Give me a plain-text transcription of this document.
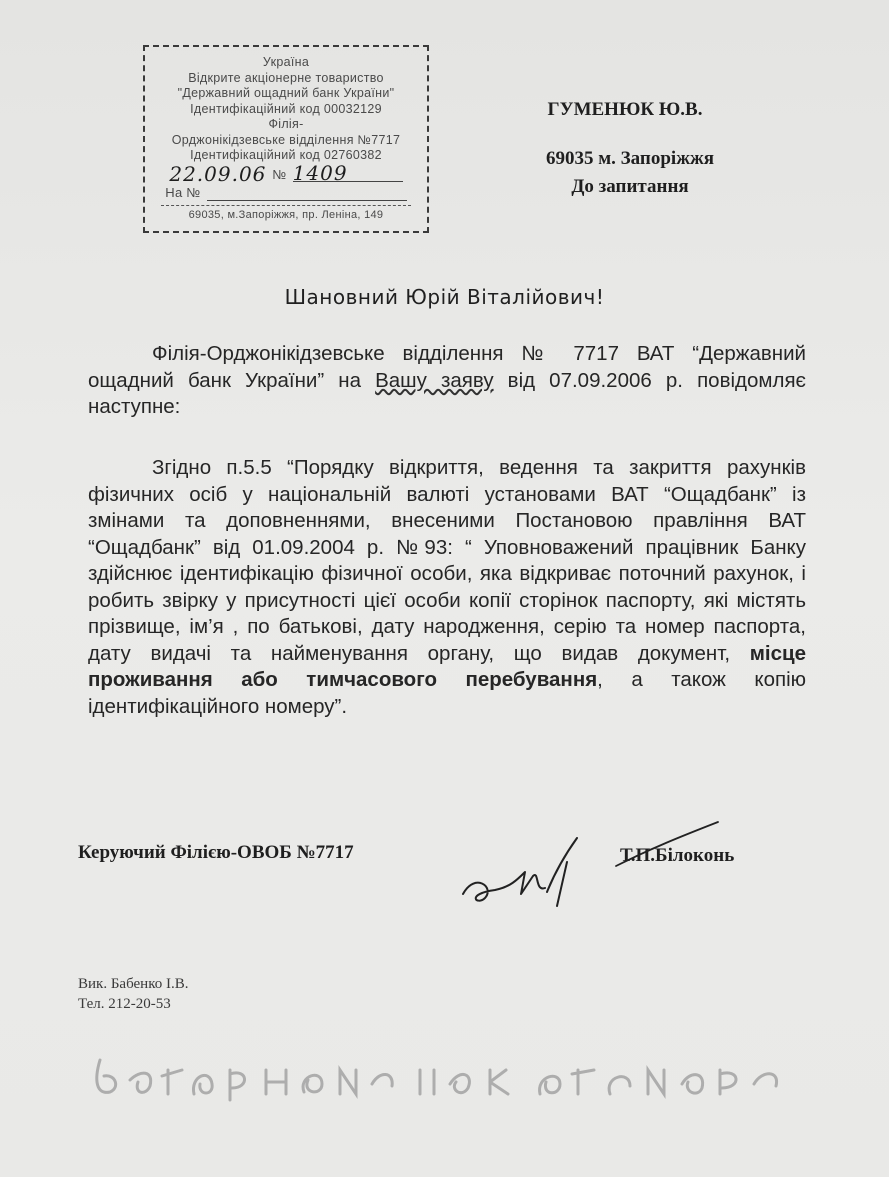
Україна
Відкрите акціонерне товариство
"Державний ощадний банк України"
Ідентифікаційний код 00032129
Філія-
Орджонікідзевське відділення №7717
Ідентифікаційний код 02760382
22.09.06 № 1409
На №

69035, м.Запоріжжя, пр. Леніна, 149
ГУМЕНЮК Ю.В.
69035 м. Запоріжжя
До запитання
Шановний Юрій Віталійович!
Філія-Орджонікідзевське відділення № 7717 ВАТ “Державний ощадний банк України” на Вашу заяву від 07.09.2006 р. повідомляє наступне:
Згідно п.5.5 “Порядку відкриття, ведення та закриття рахунків фізичних осіб у національній валюті установами ВАТ “Ощадбанк” із змінами та доповненнями, внесеними Постановою правління ВАТ “Ощадбанк” від 01.09.2004 р. №93: “ Уповноважений працівник Банку здійснює ідентифікацію фізичної особи, яка відкриває поточний рахунок, і робить звірку у присутності цієї особи копії сторінок паспорту, які містять прізвище, ім’я , по батькові, дату народження, серію та номер паспорта, дату видачі та найменування органу, що видав документ, місце проживання або тимчасового перебування, а також копію ідентифікаційного номеру”.
Керуючий Філією-ОВОБ №7717	Т.П.Білоконь
Вик. Бабенко І.В.
Тел. 212-20-53
